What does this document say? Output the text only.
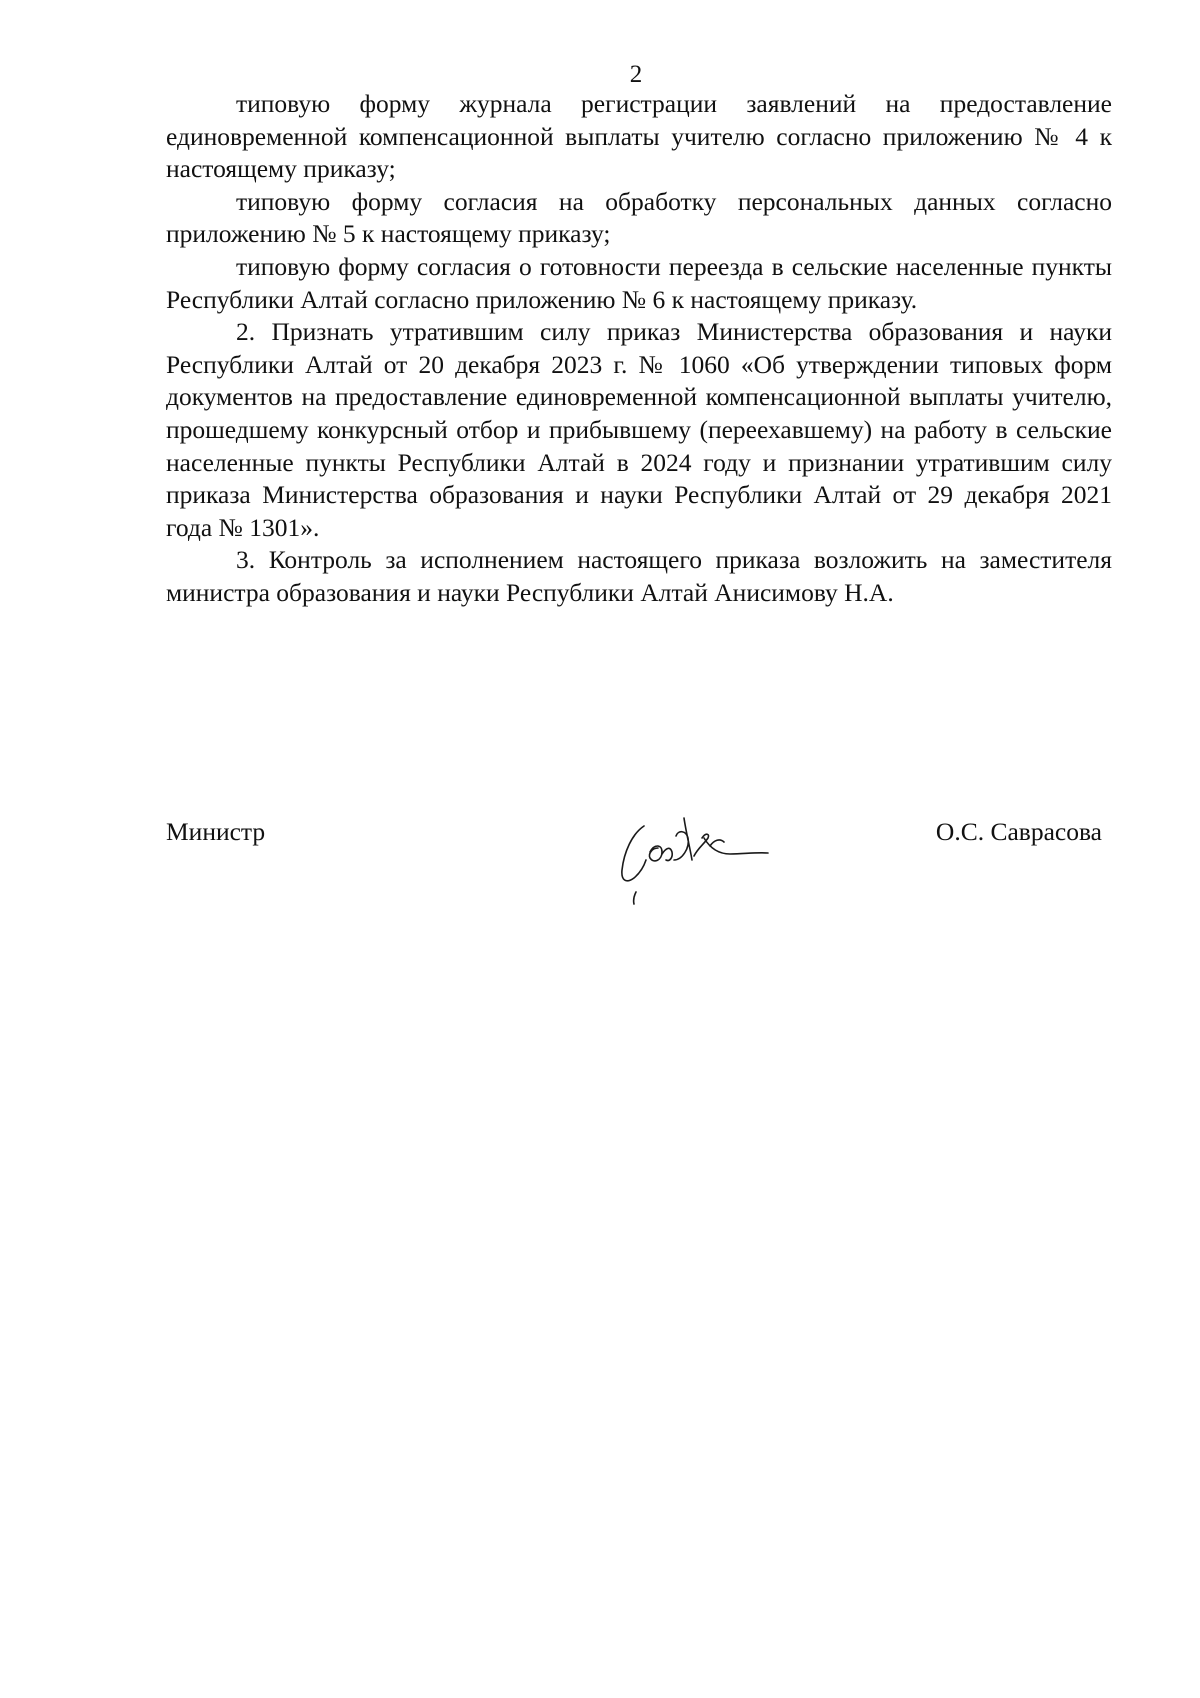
2

типовую форму журнала регистрации заявлений на предоставление единовременной компенсационной выплаты учителю согласно приложению № 4 к настоящему приказу;

типовую форму согласия на обработку персональных данных согласно приложению № 5 к настоящему приказу;

типовую форму согласия о готовности переезда в сельские населенные пункты Республики Алтай согласно приложению № 6 к настоящему приказу.

2. Признать утратившим силу приказ Министерства образования и науки Республики Алтай от 20 декабря 2023 г. № 1060 «Об утверждении типовых форм документов на предоставление единовременной компенсационной выплаты учителю, прошедшему конкурсный отбор и прибывшему (переехавшему) на работу в сельские населенные пункты Республики Алтай в 2024 году и признании утратившим силу приказа Министерства образования и науки Республики Алтай от 29 декабря 2021 года № 1301».

3. Контроль за исполнением настоящего приказа возложить на заместителя министра образования и науки Республики Алтай Анисимову Н.А.

Министр	О.С. Саврасова
